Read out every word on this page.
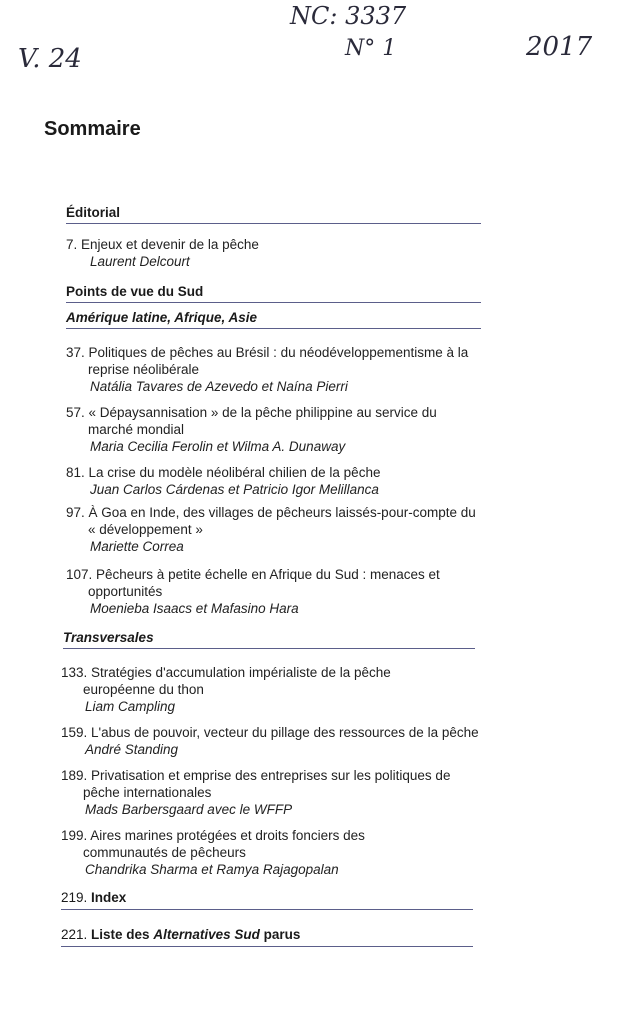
V. 24
NC: 3337
N° 1	2017
Sommaire
Éditorial
7. Enjeux et devenir de la pêche
Laurent Delcourt
Points de vue du Sud
Amérique latine, Afrique, Asie
37. Politiques de pêches au Brésil : du néodéveloppementisme à la reprise néolibérale
Natália Tavares de Azevedo et Naína Pierri
57. « Dépaysannisation » de la pêche philippine au service du marché mondial
Maria Cecilia Ferolin et Wilma A. Dunaway
81. La crise du modèle néolibéral chilien de la pêche
Juan Carlos Cárdenas et Patricio Igor Melillanca
97. À Goa en Inde, des villages de pêcheurs laissés-pour-compte du « développement »
Mariette Correa
107. Pêcheurs à petite échelle en Afrique du Sud : menaces et opportunités
Moenieba Isaacs et Mafasino Hara
Transversales
133. Stratégies d'accumulation impérialiste de la pêche européenne du thon
Liam Campling
159. L'abus de pouvoir, vecteur du pillage des ressources de la pêche
André Standing
189. Privatisation et emprise des entreprises sur les politiques de pêche internationales
Mads Barbersgaard avec le WFFP
199. Aires marines protégées et droits fonciers des communautés de pêcheurs
Chandrika Sharma et Ramya Rajagopalan
219. Index
221. Liste des Alternatives Sud parus
